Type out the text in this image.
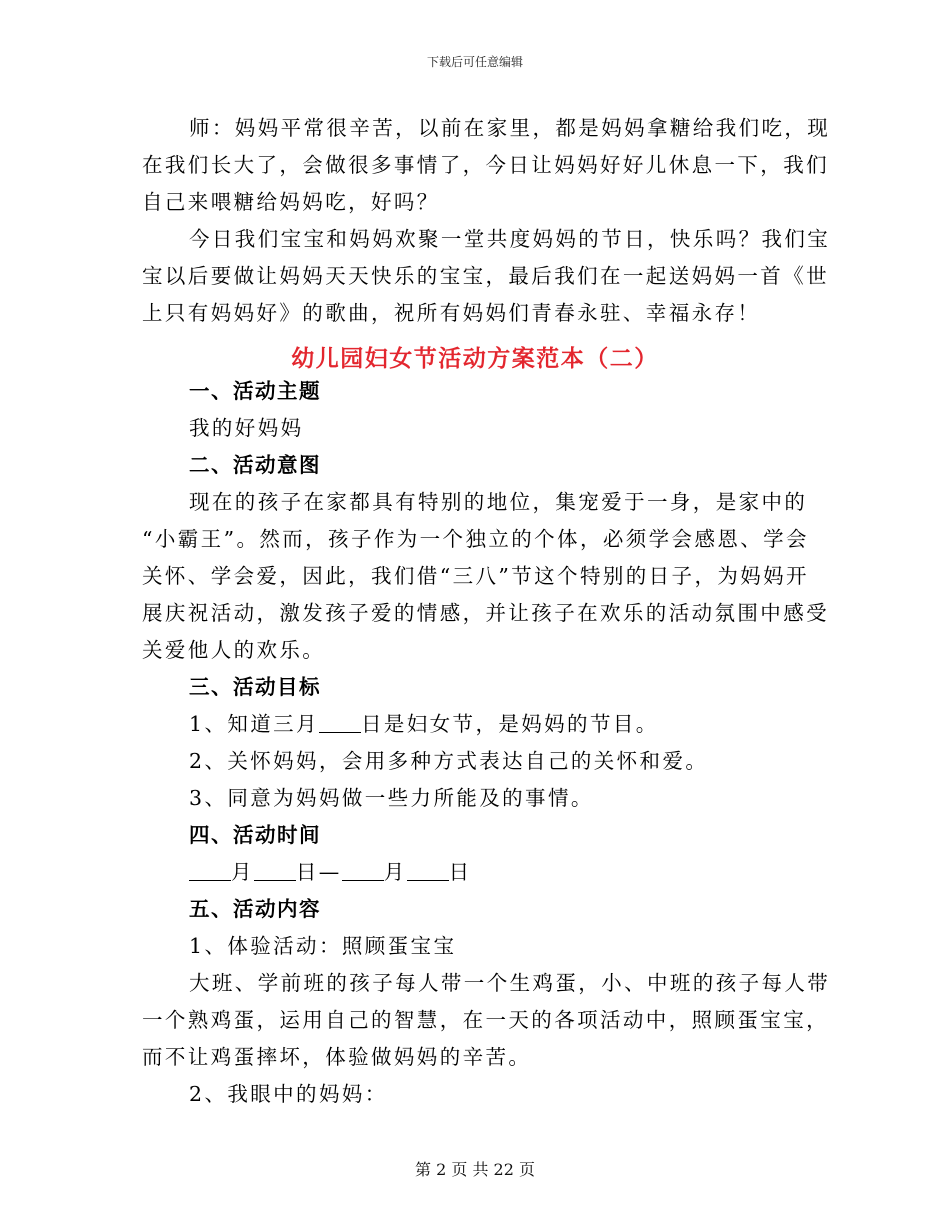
下载后可任意编辑
师：妈妈平常很辛苦，以前在家里，都是妈妈拿糖给我们吃，现
在我们长大了，会做很多事情了，今日让妈妈好好儿休息一下，我们
自己来喂糖给妈妈吃，好吗？
今日我们宝宝和妈妈欢聚一堂共度妈妈的节日，快乐吗？我们宝
宝以后要做让妈妈天天快乐的宝宝，最后我们在一起送妈妈一首《世
上只有妈妈好》的歌曲，祝所有妈妈们青春永驻、幸福永存！
幼儿园妇女节活动方案范本（二）
一、活动主题
我的好妈妈
二、活动意图
现在的孩子在家都具有特别的地位，集宠爱于一身，是家中的
“小霸王”。然而，孩子作为一个独立的个体，必须学会感恩、学会
关怀、学会爱，因此，我们借“三八”节这个特别的日子，为妈妈开
展庆祝活动，激发孩子爱的情感，并让孩子在欢乐的活动氛围中感受
关爱他人的欢乐。
三、活动目标
1、知道三月 日是妇女节，是妈妈的节目。
2、关怀妈妈，会用多种方式表达自己的关怀和爱。
3、同意为妈妈做一些力所能及的事情。
四、活动时间
月 日— 月 日
五、活动内容
1、体验活动：照顾蛋宝宝
大班、学前班的孩子每人带一个生鸡蛋，小、中班的孩子每人带
一个熟鸡蛋，运用自己的智慧，在一天的各项活动中，照顾蛋宝宝，
而不让鸡蛋摔坏，体验做妈妈的辛苦。
2、我眼中的妈妈：
第 2 页 共 22 页
